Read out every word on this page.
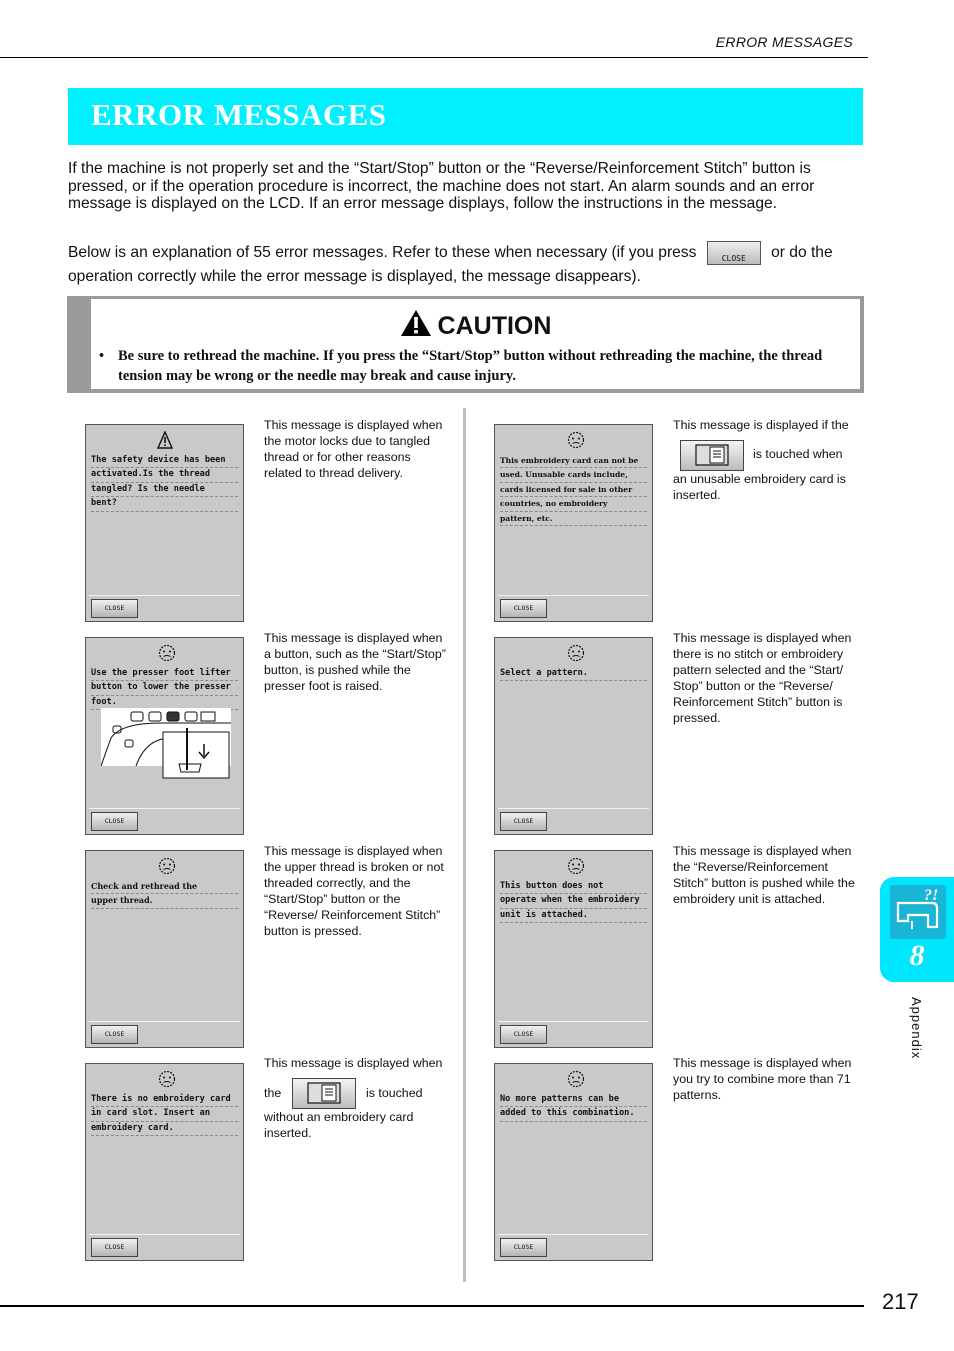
ERROR MESSAGES
ERROR MESSAGES
If the machine is not properly set and the “Start/Stop” button or the “Reverse/Reinforcement Stitch” button is pressed, or if the operation procedure is incorrect, the machine does not start. An alarm sounds and an error message is displayed on the LCD. If an error message displays, follow the instructions in the message.
Below is an explanation of 55 error messages. Refer to these when necessary (if you press	CLOSE	or do the operation correctly while the error message is displayed, the message disappears).
CAUTION
• Be sure to rethread the machine. If you press the “Start/Stop” button without rethreading the machine, the thread tension may be wrong or the needle may break and cause injury.
The safety device has been
activated.Is the thread
tangled? Is the needle
bent?
CLOSE
This message is displayed when the motor locks due to tangled thread or for other reasons related to thread delivery.
This embroidery card can not be
used. Unusable cards include,
cards licensed for sale in other
countries, no embroidery
pattern, etc.
CLOSE
This message is displayed if the
is touched when
an unusable embroidery card is inserted.
Use the presser foot lifter
button to lower the presser
foot.
CLOSE
This message is displayed when a button, such as the “Start/Stop” button, is pushed while the presser foot is raised.
Select a pattern.
CLOSE
This message is displayed when there is no stitch or embroidery pattern selected and the “Start/ Stop” button or the “Reverse/ Reinforcement Stitch” button is pressed.
Check and rethread the
upper thread.
CLOSE
This message is displayed when the upper thread is broken or not threaded correctly, and the “Start/Stop” button or the “Reverse/ Reinforcement Stitch” button is pressed.
This button does not
operate when the embroidery
unit is attached.
CLOSE
This message is displayed when the “Reverse/Reinforcement Stitch” button is pushed while the embroidery unit is attached.
There is no embroidery card
in card slot. Insert an
embroidery card.
CLOSE
This message is displayed when
the	is touched
without an embroidery card inserted.
No more patterns can be
added to this combination.
CLOSE
This message is displayed when you try to combine more than 71 patterns.
?!
8
Appendix
217
